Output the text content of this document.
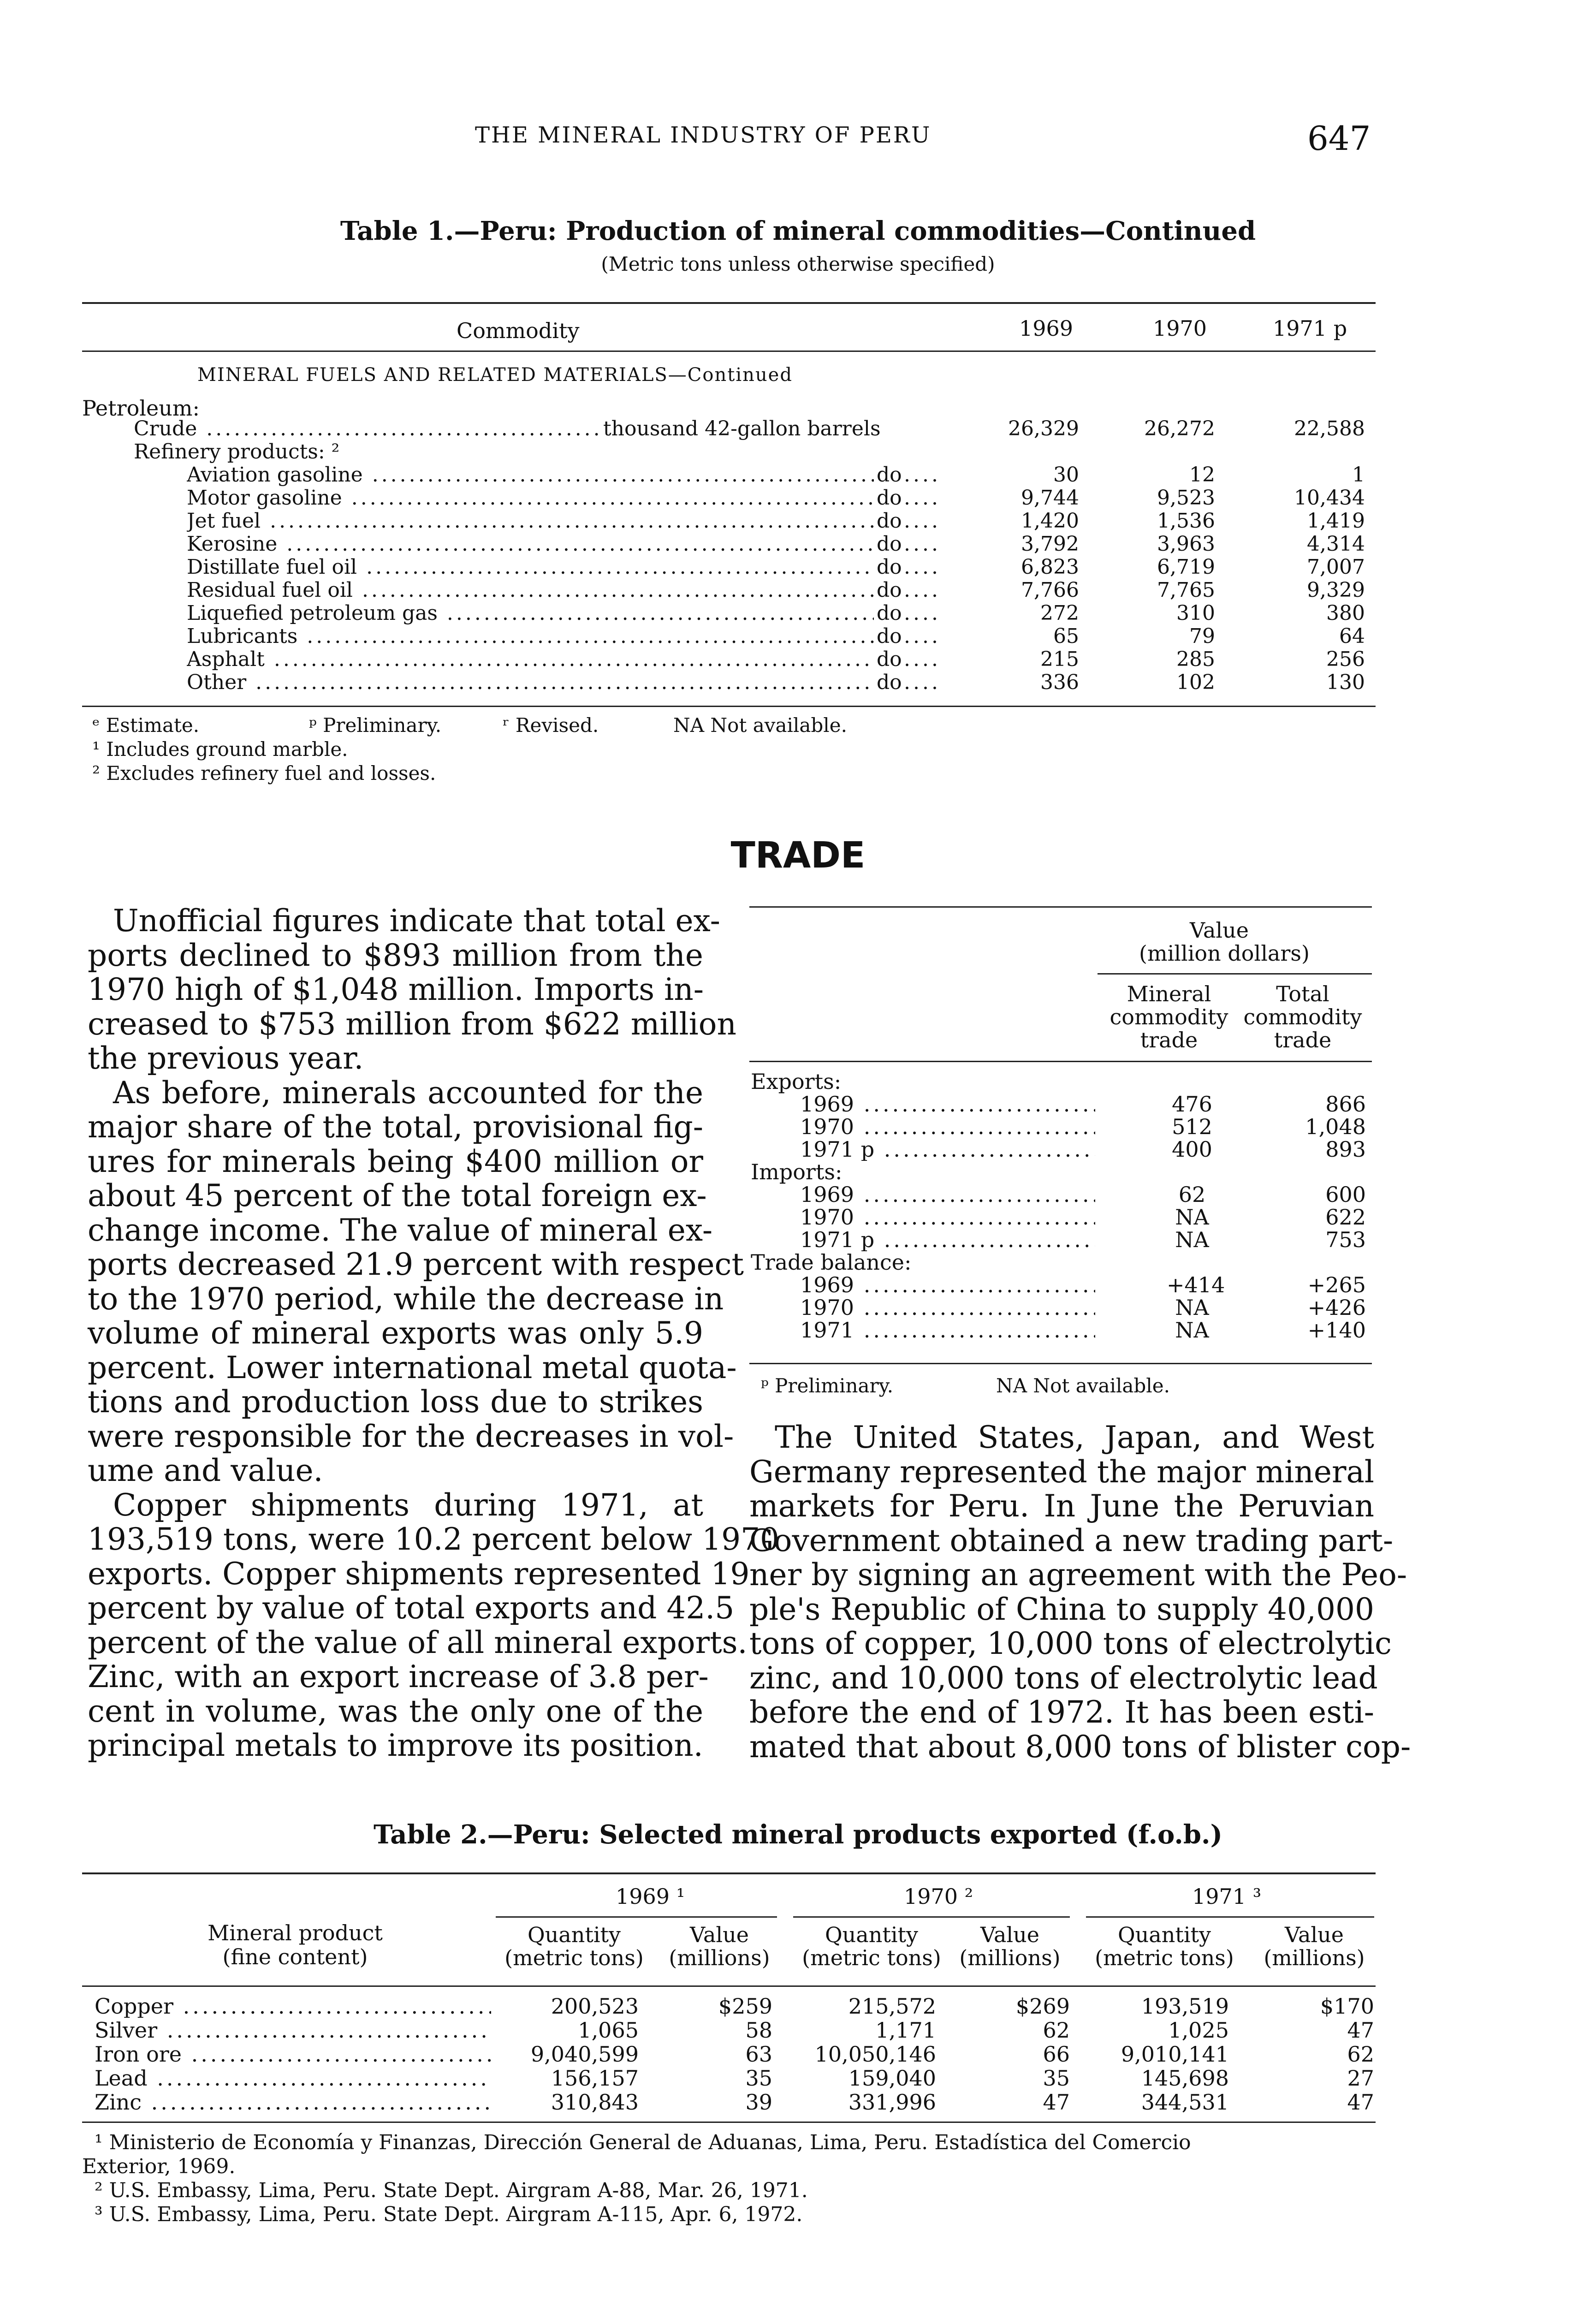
THE MINERAL INDUSTRY OF PERU	647
Table 1.—Peru: Production of mineral commodities—Continued
(Metric tons unless otherwise specified)
Commodity	1969	1970	1971 p
MINERAL FUELS AND RELATED MATERIALS—Continued
Petroleum:
Crude .....	thousand 42-gallon barrels	26,329	26,272	22,588
Refinery products: ²
Aviation gasoline .....	do ....	30	12	1
Motor gasoline .....	do ....	9,744	9,523	10,434
Jet fuel .....	do ....	1,420	1,536	1,419
Kerosine .....	do ....	3,792	3,963	4,314
Distillate fuel oil .....	do ....	6,823	6,719	7,007
Residual fuel oil .....	do ....	7,766	7,765	9,329
Liquefied petroleum gas .....	do ....	272	310	380
Lubricants .....	do ....	65	79	64
Asphalt .....	do ....	215	285	256
Other .....	do ....	336	102	130
ᵉ Estimate.	ᵖ Preliminary.	ʳ Revised.	NA Not available.
¹ Includes ground marble.
² Excludes refinery fuel and losses.
TRADE
Unofficial figures indicate that total ex-
ports declined to $893 million from the
1970 high of $1,048 million. Imports in-
creased to $753 million from $622 million
the previous year.
As before, minerals accounted for the
major share of the total, provisional fig-
ures for minerals being $400 million or
about 45 percent of the total foreign ex-
change income. The value of mineral ex-
ports decreased 21.9 percent with respect
to the 1970 period, while the decrease in
volume of mineral exports was only 5.9
percent. Lower international metal quota-
tions and production loss due to strikes
were responsible for the decreases in vol-
ume and value.
Copper shipments during 1971, at
193,519 tons, were 10.2 percent below 1970
exports. Copper shipments represented 19
percent by value of total exports and 42.5
percent of the value of all mineral exports.
Zinc, with an export increase of 3.8 per-
cent in volume, was the only one of the
principal metals to improve its position.
Value
(million dollars)
Mineral
commodity
trade
Total
commodity
trade
Exports:
1969 .....	476	866
1970 .....	512	1,048
1971 p .....	400	893
Imports:
1969 .....	62	600
1970 .....	NA	622
1971 p .....	NA	753
Trade balance:
1969 .....	+414	+265
1970 .....	NA	+426
1971 .....	NA	+140
ᵖ Preliminary.	NA Not available.
The United States, Japan, and West
Germany represented the major mineral
markets for Peru. In June the Peruvian
Government obtained a new trading part-
ner by signing an agreement with the Peo-
ple's Republic of China to supply 40,000
tons of copper, 10,000 tons of electrolytic
zinc, and 10,000 tons of electrolytic lead
before the end of 1972. It has been esti-
mated that about 8,000 tons of blister cop-
Table 2.—Peru: Selected mineral products exported (f.o.b.)
Mineral product
(fine content)
1969 ¹	1970 ²	1971 ³
Quantity
(metric tons)
Value
(millions)
Quantity
(metric tons)
Value
(millions)
Quantity
(metric tons)
Value
(millions)
Copper .....	200,523	$259	215,572	$269	193,519	$170
Silver .....	1,065	58	1,171	62	1,025	47
Iron ore .....	9,040,599	63	10,050,146	66	9,010,141	62
Lead .....	156,157	35	159,040	35	145,698	27
Zinc .....	310,843	39	331,996	47	344,531	47
¹ Ministerio de Economía y Finanzas, Dirección General de Aduanas, Lima, Peru. Estadística del Comercio
Exterior, 1969.
² U.S. Embassy, Lima, Peru. State Dept. Airgram A-88, Mar. 26, 1971.
³ U.S. Embassy, Lima, Peru. State Dept. Airgram A-115, Apr. 6, 1972.
